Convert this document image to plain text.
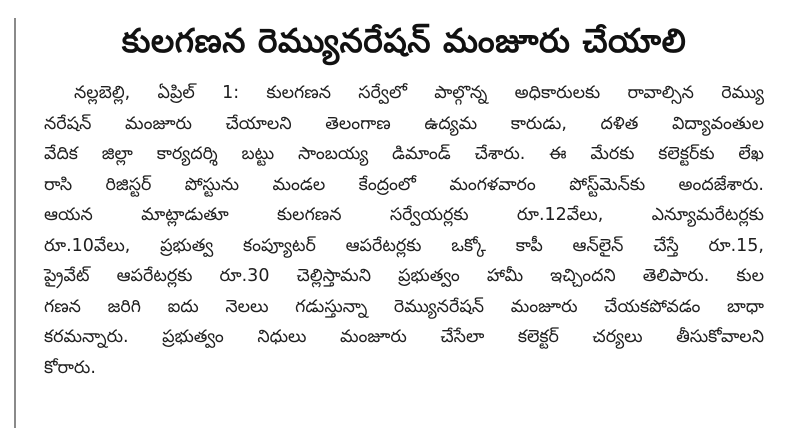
కులగణన రెమ్యునరేషన్ మంజూరు చేయాలి

నల్లబెల్లి, ఏప్రిల్ 1: కులగణన సర్వేలో పాల్గొన్న అధికారులకు రావాల్సిన రెమ్యు
నరేషన్ మంజూరు చేయాలని తెలంగాణ ఉద్యమ కారుడు, దళిత విద్యావంతుల
వేదిక జిల్లా కార్యదర్శి బట్టు సాంబయ్య డిమాండ్ చేశారు. ఈ మేరకు కలెక్టర్‌కు లేఖ
రాసి రిజిస్టర్ పోస్టును మండల కేంద్రంలో మంగళవారం పోస్ట్‌మెన్‌కు అందజేశారు.
ఆయన మాట్లాడుతూ కులగణన సర్వేయర్లకు రూ.12వేలు, ఎన్యూమరేటర్లకు
రూ.10వేలు, ప్రభుత్వ కంప్యూటర్ ఆపరేటర్లకు ఒక్కో కాపీ ఆన్‌లైన్ చేస్తే రూ.15,
ప్రైవేట్ ఆపరేటర్లకు రూ.30 చెల్లిస్తామని ప్రభుత్వం హామీ ఇచ్చిందని తెలిపారు. కుల
గణన జరిగి ఐదు నెలలు గడుస్తున్నా రెమ్యునరేషన్ మంజూరు చేయకపోవడం బాధా
కరమన్నారు. ప్రభుత్వం నిధులు మంజూరు చేసేలా కలెక్టర్ చర్యలు తీసుకోవాలని
కోరారు.
